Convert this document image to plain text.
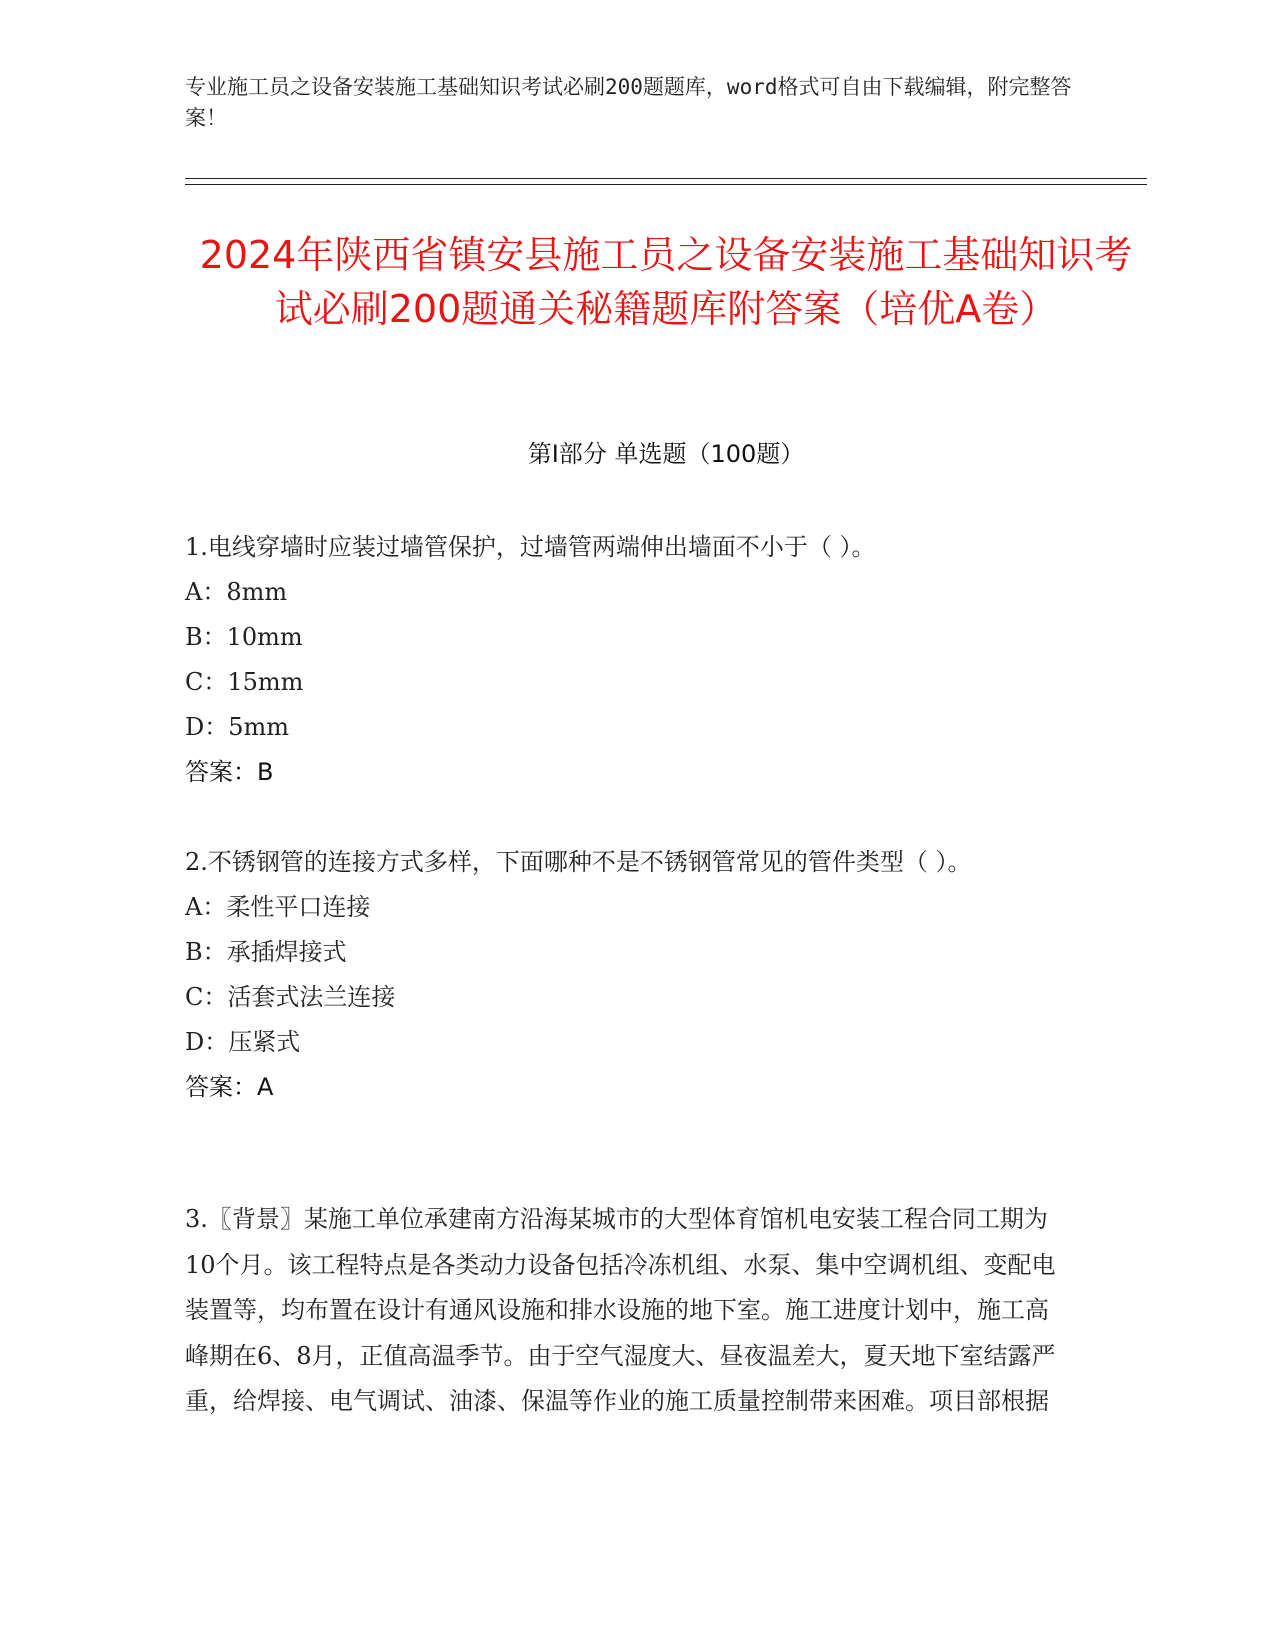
专业施工员之设备安装施工基础知识考试必刷200题题库，word格式可自由下载编辑，附完整答案！
2024年陕西省镇安县施工员之设备安装施工基础知识考试必刷200题通关秘籍题库附答案（培优A卷）
第Ⅰ部分 单选题（100题）
1.电线穿墙时应装过墙管保护，过墙管两端伸出墙面不小于（ ）。
A：8mm
B：10mm
C：15mm
D：5mm
答案：B
2.不锈钢管的连接方式多样，下面哪种不是不锈钢管常见的管件类型（ ）。
A：柔性平口连接
B：承插焊接式
C：活套式法兰连接
D：压紧式
答案：A
3.〖背景〗某施工单位承建南方沿海某城市的大型体育馆机电安装工程合同工期为10个月。该工程特点是各类动力设备包括冷冻机组、水泵、集中空调机组、变配电装置等，均布置在设计有通风设施和排水设施的地下室。施工进度计划中，施工高峰期在6、8月，正值高温季节。由于空气湿度大、昼夜温差大，夏天地下室结露严重，给焊接、电气调试、油漆、保温等作业的施工质量控制带来困难。项目部根据
